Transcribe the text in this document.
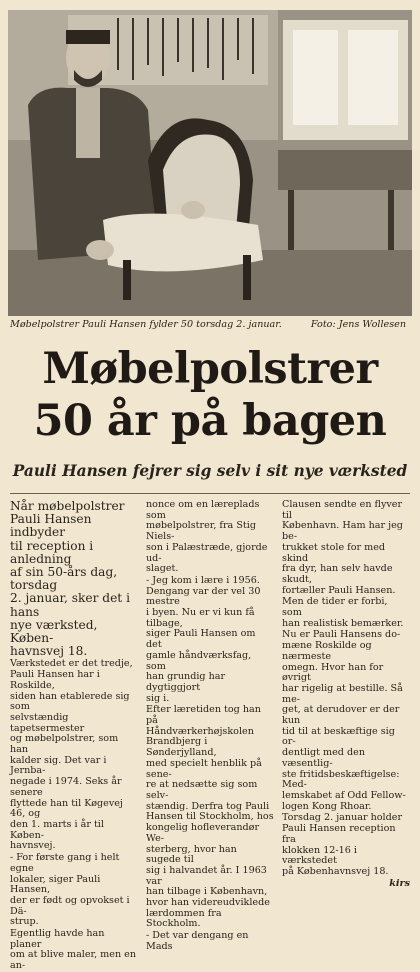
Møbelpolstrer Pauli Hansen fylder 50 torsdag 2. januar.	Foto: Jens Wollesen
Møbelpolstrer
50 år på bagen
Pauli Hansen fejrer sig selv i sit nye værksted

Når møbelpolstrer
Pauli Hansen indbyder
til reception i anledning
af sin 50-års dag, torsdag
2. januar, sker det i hans
nye værksted, Køben-
havnsvej 18.

Værkstedet er det tredje,
Pauli Hansen har i Roskilde,
siden han etablerede sig som
selvstændig tapetsermester
og møbelpolstrer, som han
kalder sig. Det var i Jernba-
negade i 1974. Seks år senere
flyttede han til Køgevej 46, og
den 1. marts i år til Køben-
havnsvej.

- For første gang i helt egne
lokaler, siger Pauli Hansen,
der er født og opvokset i Dä-
strup.

Egentlig havde han planer
om at blive maler, men en an-

nonce om en læreplads som
møbelpolstrer, fra Stig Niels-
son i Palæstræde, gjorde ud-
slaget.

- Jeg kom i lære i 1956.
Dengang var der vel 30 mestre
i byen. Nu er vi kun få tilbage,
siger Pauli Hansen om det
gamle håndværksfag, som
han grundig har dygtiggjort
sig i.

Efter læretiden tog han på
Håndværkerhøjskolen
Brandbjerg i Sønderjylland,
med specielt henblik på sene-
re at nedsætte sig som selv-
stændig. Derfra tog Pauli
Hansen til Stockholm, hos
kongelig hofleverandør We-
sterberg, hvor han sugede til
sig i halvandet år. I 1963 var
han tilbage i København,
hvor han videreudviklede
lærdommen fra Stockholm.

- Det var dengang en Mads

Clausen sendte en flyver til
København. Ham har jeg be-
trukket stole for med skind
fra dyr, han selv havde skudt,
fortæller Pauli Hansen.

Men de tider er forbi, som
han realistisk bemærker.

Nu er Pauli Hansens do-
mæne Roskilde og nærmeste
omegn. Hvor han for øvrigt
har rigelig at bestille. Så me-
get, at derudover er der kun
tid til at beskæftige sig or-
dentligt med den væsentlig-
ste fritidsbeskæftigelse: Med-
lemskabet af Odd Fellow-
logen Kong Rhoar.

Torsdag 2. januar holder
Pauli Hansen reception fra
klokken 12-16 i værkstedet
på Københavnsvej 18.

kirs
